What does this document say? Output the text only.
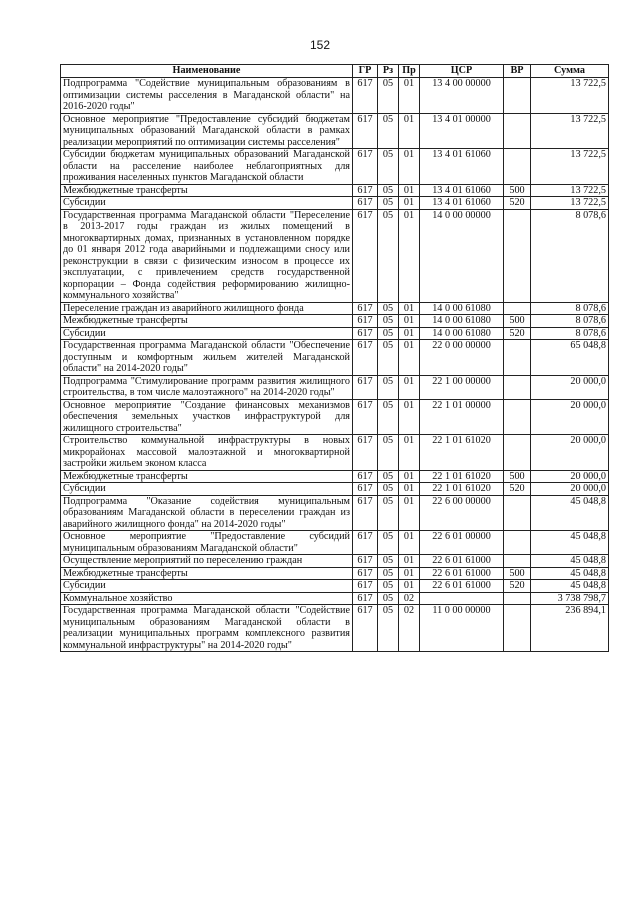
152
Наименование	ГР	Рз	Пр	ЦСР	ВР	Сумма
Подпрограмма "Содействие муниципальным образованиям в оптимизации системы расселения в Магаданской области" на 2016-2020 годы"	617	05	01	13 4 00 00000		13 722,5
Основное мероприятие "Предоставление субсидий бюджетам муниципальных образований Магаданской области в рамках реализации мероприятий по оптимизации системы расселения"	617	05	01	13 4 01 00000		13 722,5
Субсидии бюджетам муниципальных образований Магаданской области на расселение наиболее неблагоприятных для проживания населенных пунктов Магаданской области	617	05	01	13 4 01 61060		13 722,5
Межбюджетные трансферты	617	05	01	13 4 01 61060	500	13 722,5
Субсидии	617	05	01	13 4 01 61060	520	13 722,5
Государственная программа Магаданской области "Переселение в 2013-2017 годы граждан из жилых помещений в многоквартирных домах, признанных в установленном порядке до 01 января 2012 года аварийными и подлежащими сносу или реконструкции в связи с физическим износом в процессе их эксплуатации, с привлечением средств государственной корпорации – Фонда содействия реформированию жилищно-коммунального хозяйства"	617	05	01	14 0 00 00000		8 078,6
Переселение граждан из аварийного жилищного фонда	617	05	01	14 0 00 61080		8 078,6
Межбюджетные трансферты	617	05	01	14 0 00 61080	500	8 078,6
Субсидии	617	05	01	14 0 00 61080	520	8 078,6
Государственная программа Магаданской области "Обеспечение доступным и комфортным жильем жителей Магаданской области" на 2014-2020 годы"	617	05	01	22 0 00 00000		65 048,8
Подпрограмма "Стимулирование программ развития жилищного строительства, в том числе малоэтажного" на 2014-2020 годы"	617	05	01	22 1 00 00000		20 000,0
Основное мероприятие "Создание финансовых механизмов обеспечения земельных участков инфраструктурой для жилищного строительства"	617	05	01	22 1 01 00000		20 000,0
Строительство коммунальной инфраструктуры в новых микрорайонах массовой малоэтажной и многоквартирной застройки жильем эконом класса	617	05	01	22 1 01 61020		20 000,0
Межбюджетные трансферты	617	05	01	22 1 01 61020	500	20 000,0
Субсидии	617	05	01	22 1 01 61020	520	20 000,0
Подпрограмма "Оказание содействия муниципальным образованиям Магаданской области в переселении граждан из аварийного жилищного фонда" на 2014-2020 годы"	617	05	01	22 6 00 00000		45 048,8
Основное мероприятие "Предоставление субсидий муниципальным образованиям Магаданской области"	617	05	01	22 6 01 00000		45 048,8
Осуществление мероприятий по переселению граждан	617	05	01	22 6 01 61000		45 048,8
Межбюджетные трансферты	617	05	01	22 6 01 61000	500	45 048,8
Субсидии	617	05	01	22 6 01 61000	520	45 048,8
Коммунальное хозяйство	617	05	02			3 738 798,7
Государственная программа Магаданской области "Содействие муниципальным образованиям Магаданской области в реализации муниципальных программ комплексного развития коммунальной инфраструктуры" на 2014-2020 годы"	617	05	02	11 0 00 00000		236 894,1
